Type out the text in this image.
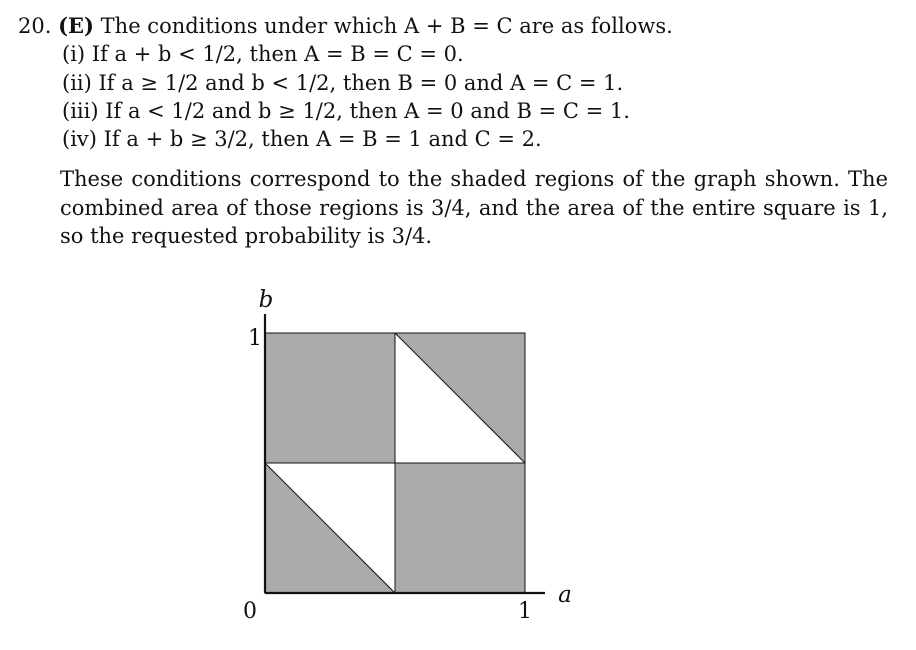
20. (E) The conditions under which A + B = C are as follows.
(i) If a + b < 1/2, then A = B = C = 0.
(ii) If a ≥ 1/2 and b < 1/2, then B = 0 and A = C = 1.
(iii) If a < 1/2 and b ≥ 1/2, then A = 0 and B = C = 1.
(iv) If a + b ≥ 3/2, then A = B = 1 and C = 2.
These conditions correspond to the shaded regions of the graph shown. The combined area of those regions is 3/4, and the area of the entire square is 1, so the requested probability is 3/4.
b
1
0	1
a
